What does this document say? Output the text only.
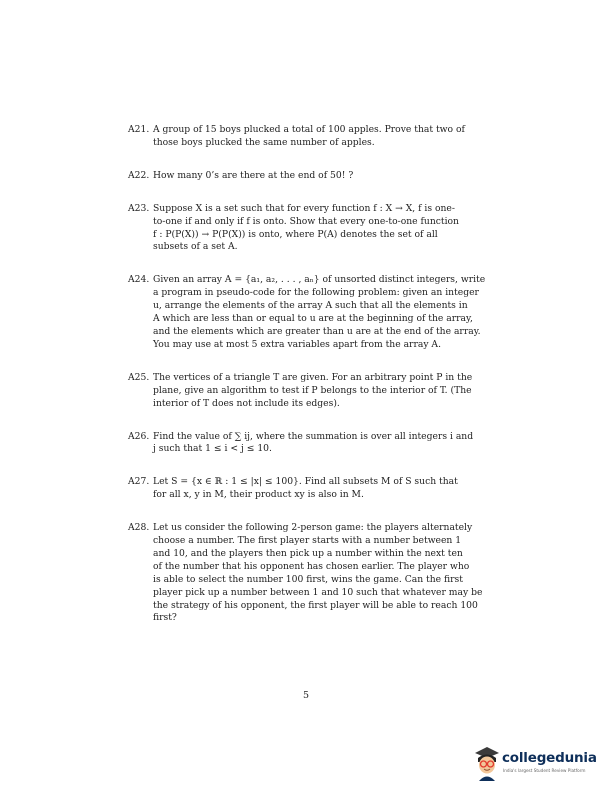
A21. A group of 15 boys plucked a total of 100 apples. Prove that two of
those boys plucked the same number of apples.
A22. How many 0’s are there at the end of 50! ?
A23. Suppose X is a set such that for every function f : X → X, f is one-
to-one if and only if f is onto. Show that every one-to-one function
f : P(P(X)) → P(P(X)) is onto, where P(A) denotes the set of all
subsets of a set A.
A24. Given an array A = {a₁, a₂, . . . , aₙ} of unsorted distinct integers, write
a program in pseudo-code for the following problem: given an integer
u, arrange the elements of the array A such that all the elements in
A which are less than or equal to u are at the beginning of the array,
and the elements which are greater than u are at the end of the array.
You may use at most 5 extra variables apart from the array A.
A25. The vertices of a triangle T are given. For an arbitrary point P in the
plane, give an algorithm to test if P belongs to the interior of T. (The
interior of T does not include its edges).
A26. Find the value of ∑ ij, where the summation is over all integers i and
j such that 1 ≤ i < j ≤ 10.
A27. Let S = {x ∈ ℝ : 1 ≤ |x| ≤ 100}. Find all subsets M of S such that
for all x, y in M, their product xy is also in M.
A28. Let us consider the following 2-person game: the players alternately
choose a number. The first player starts with a number between 1
and 10, and the players then pick up a number within the next ten
of the number that his opponent has chosen earlier. The player who
is able to select the number 100 first, wins the game. Can the first
player pick up a number between 1 and 10 such that whatever may be
the strategy of his opponent, the first player will be able to reach 100
first?
5
collegedunia
India's largest Student Review Platform
